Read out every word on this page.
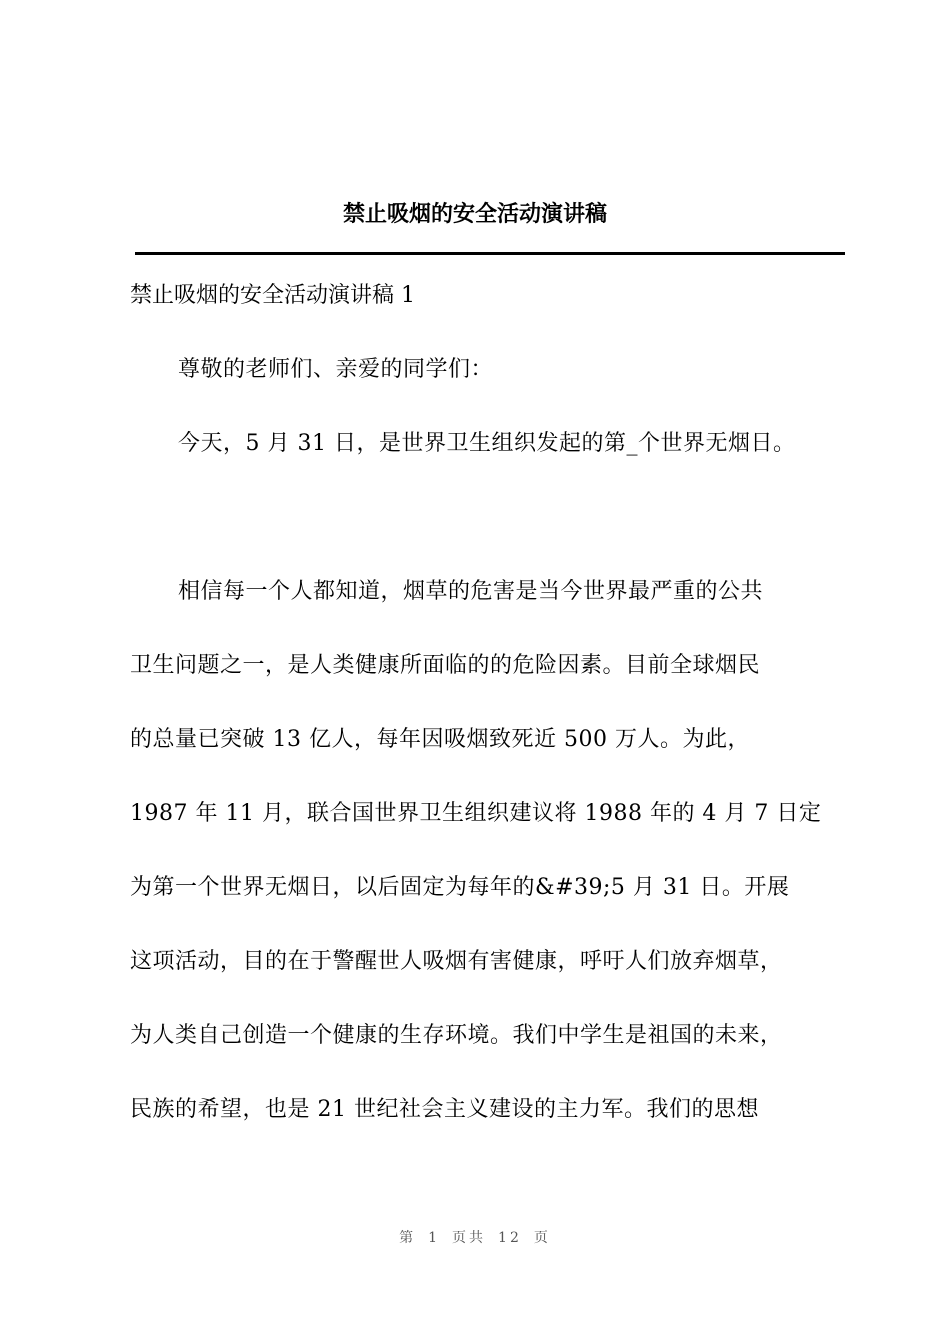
禁止吸烟的安全活动演讲稿
禁止吸烟的安全活动演讲稿 1
尊敬的老师们、亲爱的同学们：
今天，5 月 31 日，是世界卫生组织发起的第_个世界无烟日。
相信每一个人都知道，烟草的危害是当今世界最严重的公共
卫生问题之一，是人类健康所面临的的危险因素。目前全球烟民
的总量已突破 13 亿人，每年因吸烟致死近 500 万人。为此，
1987 年 11 月，联合国世界卫生组织建议将 1988 年的 4 月 7 日定
为第一个世界无烟日，以后固定为每年的&#39;5 月 31 日。开展
这项活动，目的在于警醒世人吸烟有害健康，呼吁人们放弃烟草，
为人类自己创造一个健康的生存环境。我们中学生是祖国的未来，
民族的希望，也是 21 世纪社会主义建设的主力军。我们的思想
第 1 页共 12 页
